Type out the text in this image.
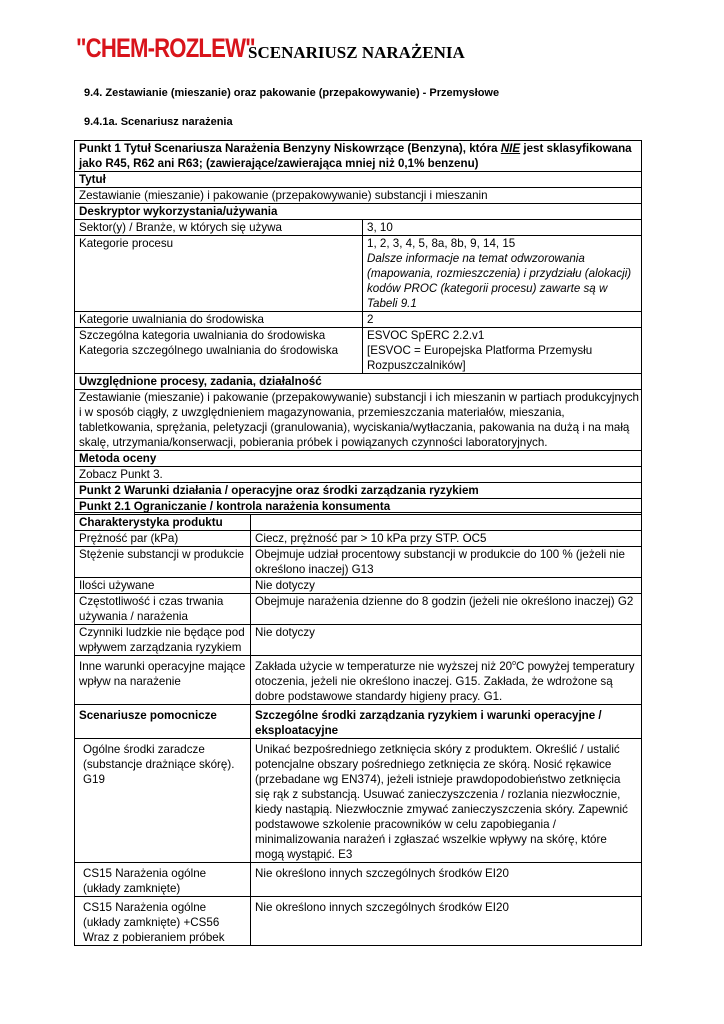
"CHEM-ROZLEW"
SCENARIUSZ NARAŻENIA
9.4. Zestawianie (mieszanie) oraz pakowanie (przepakowywanie) - Przemysłowe
9.4.1a. Scenariusz narażenia
Punkt 1 Tytuł Scenariusza Narażenia Benzyny Niskowrzące (Benzyna), która NIE jest sklasyfikowana jako R45, R62 ani R63; (zawierające/zawierająca mniej niż 0,1% benzenu)	
Tytuł	
Zestawianie (mieszanie) i pakowanie (przepakowywanie) substancji i mieszanin	
Deskryptor wykorzystania/używania	
Sektor(y) / Branże, w których się używa	3, 10
Kategorie procesu	1, 2, 3, 4, 5, 8a, 8b, 9, 14, 15
Dalsze informacje na temat odwzorowania (mapowania, rozmieszczenia) i przydziału (alokacji) kodów PROC (kategorii procesu) zawarte są w Tabeli 9.1

Kategorie uwalniania do środowiska	2
Szczególna kategoria uwalniania do środowiska Kategoria szczególnego uwalniania do środowiska	ESVOC SpERC 2.2.v1
[ESVOC = Europejska Platforma Przemysłu Rozpuszczalników]

Uwzględnione procesy, zadania, działalność	
Zestawianie (mieszanie) i pakowanie (przepakowywanie) substancji i ich mieszanin w partiach produkcyjnych i w sposób ciągły, z uwzględnieniem magazynowania, przemieszczania materiałów, mieszania, tabletkowania, sprężania, peletyzacji (granulowania), wyciskania/wytłaczania, pakowania na dużą i na małą skalę, utrzymania/konserwacji, pobierania próbek i powiązanych czynności laboratoryjnych.	
Metoda oceny	
Zobacz Punkt 3.	
Punkt 2 Warunki działania / operacyjne oraz środki zarządzania ryzykiem	

Punkt 2.1 Ograniczanie / kontrola narażenia konsumenta	
Charakterystyka produktu	
Prężność par (kPa)	Ciecz, prężność par > 10 kPa przy STP. OC5
Stężenie substancji w produkcie	Obejmuje udział procentowy substancji w produkcie do 100 % (jeżeli nie określono inaczej) G13
Ilości używane	Nie dotyczy
Częstotliwość i czas trwania używania / narażenia	Obejmuje narażenia dzienne do 8 godzin (jeżeli nie określono inaczej) G2
Czynniki ludzkie nie będące pod wpływem zarządzania ryzykiem	Nie dotyczy
Inne warunki operacyjne mające wpływ na narażenie	Zakłada użycie w temperaturze nie wyższej niż 20$^o$C powyżej temperatury otoczenia, jeżeli nie określono inaczej. G15. Zakłada, że wdrożone są dobre podstawowe standardy higieny pracy. G1.
Scenariusze pomocnicze	Szczególne środki zarządzania ryzykiem i warunki operacyjne / eksploatacyjne
Ogólne środki zaradcze (substancje drażniące skórę). G19	Unikać bezpośredniego zetknięcia skóry z produktem. Określić / ustalić potencjalne obszary pośredniego zetknięcia ze skórą. Nosić rękawice (przebadane wg EN374), jeżeli istnieje prawdopodobieństwo zetknięcia się rąk z substancją. Usuwać zanieczyszczenia / rozlania niezwłocznie, kiedy nastąpią. Niezwłocznie zmywać zanieczyszczenia skóry. Zapewnić podstawowe szkolenie pracowników w celu zapobiegania / minimalizowania narażeń i zgłaszać wszelkie wpływy na skórę, które mogą wystąpić. E3
CS15 Narażenia ogólne (układy zamknięte)	Nie określono innych szczególnych środków EI20
CS15 Narażenia ogólne (układy zamknięte) +CS56 Wraz z pobieraniem próbek	Nie określono innych szczególnych środków EI20
